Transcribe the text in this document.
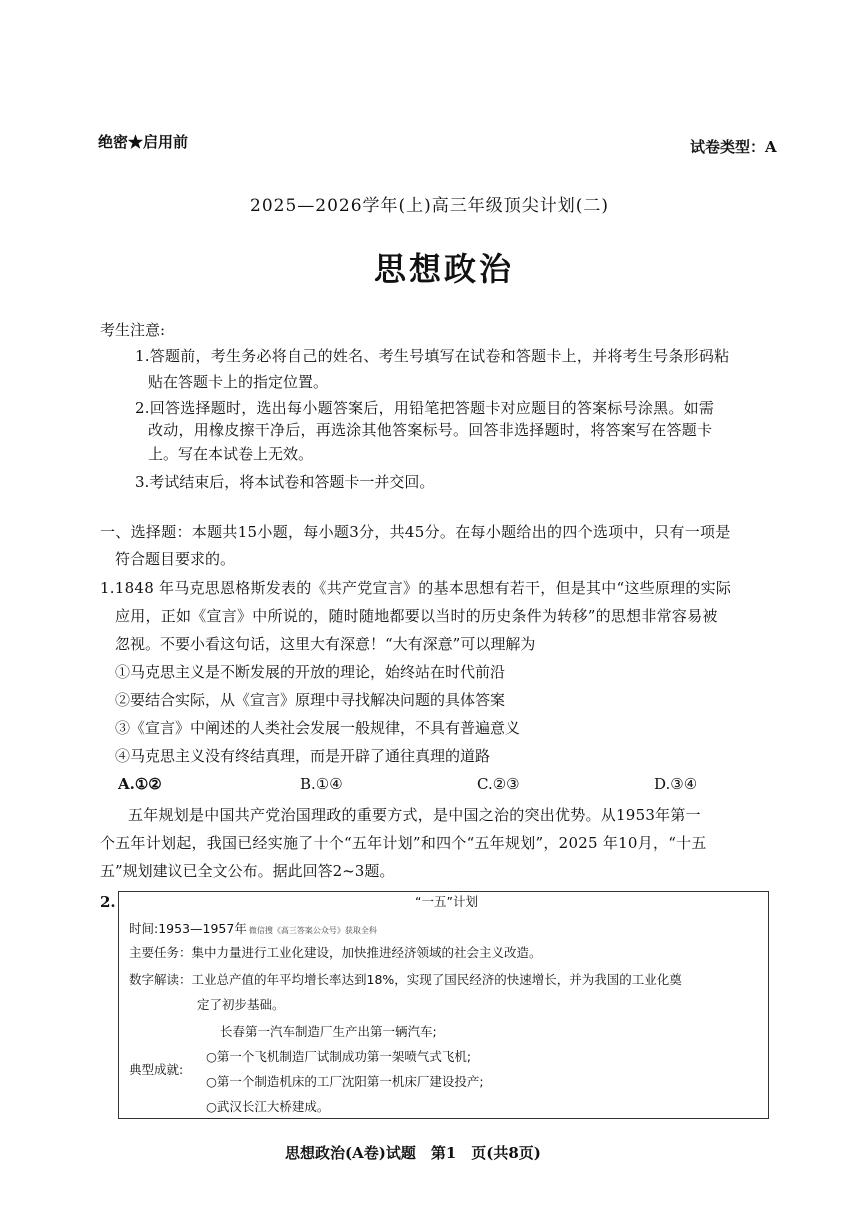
绝密★启用前	试卷类型：A
2025—2026学年(上)高三年级顶尖计划(二)
思想政治
考生注意:
1.答题前，考生务必将自己的姓名、考生号填写在试卷和答题卡上，并将考生号条形码粘
贴在答题卡上的指定位置。
2.回答选择题时，选出每小题答案后，用铅笔把答题卡对应题目的答案标号涂黑。如需
改动，用橡皮擦干净后，再选涂其他答案标号。回答非选择题时，将答案写在答题卡
上。写在本试卷上无效。
3.考试结束后，将本试卷和答题卡一并交回。
一、选择题：本题共15小题，每小题3分，共45分。在每小题给出的四个选项中，只有一项是
符合题目要求的。
1.1848 年马克思恩格斯发表的《共产党宣言》的基本思想有若干，但是其中“这些原理的实际
应用，正如《宣言》中所说的，随时随地都要以当时的历史条件为转移”的思想非常容易被
忽视。不要小看这句话，这里大有深意！“大有深意”可以理解为
①马克思主义是不断发展的开放的理论，始终站在时代前沿
②要结合实际，从《宣言》原理中寻找解决问题的具体答案
③《宣言》中阐述的人类社会发展一般规律，不具有普遍意义
④马克思主义没有终结真理，而是开辟了通往真理的道路
A.①②	B.①④	C.②③	D.③④
五年规划是中国共产党治国理政的重要方式，是中国之治的突出优势。从1953年第一
个五年计划起，我国已经实施了十个“五年计划”和四个“五年规划”，2025 年10月，“十五
五”规划建议已全文公布。据此回答2~3题。
2.	“一五”计划
时间:1953—1957年 微信搜《高三答案公众号》获取全科
主要任务：集中力量进行工业化建设，加快推进经济领域的社会主义改造。
数字解读：工业总产值的年平均增长率达到18%，实现了国民经济的快速增长，并为我国的工业化奠
定了初步基础。
典型成就:
长春第一汽车制造厂生产出第一辆汽车;
○第一个飞机制造厂试制成功第一架喷气式飞机;
○第一个制造机床的工厂沈阳第一机床厂建设投产;
○武汉长江大桥建成。
思想政治(A卷)试题　第1　页(共8页)
